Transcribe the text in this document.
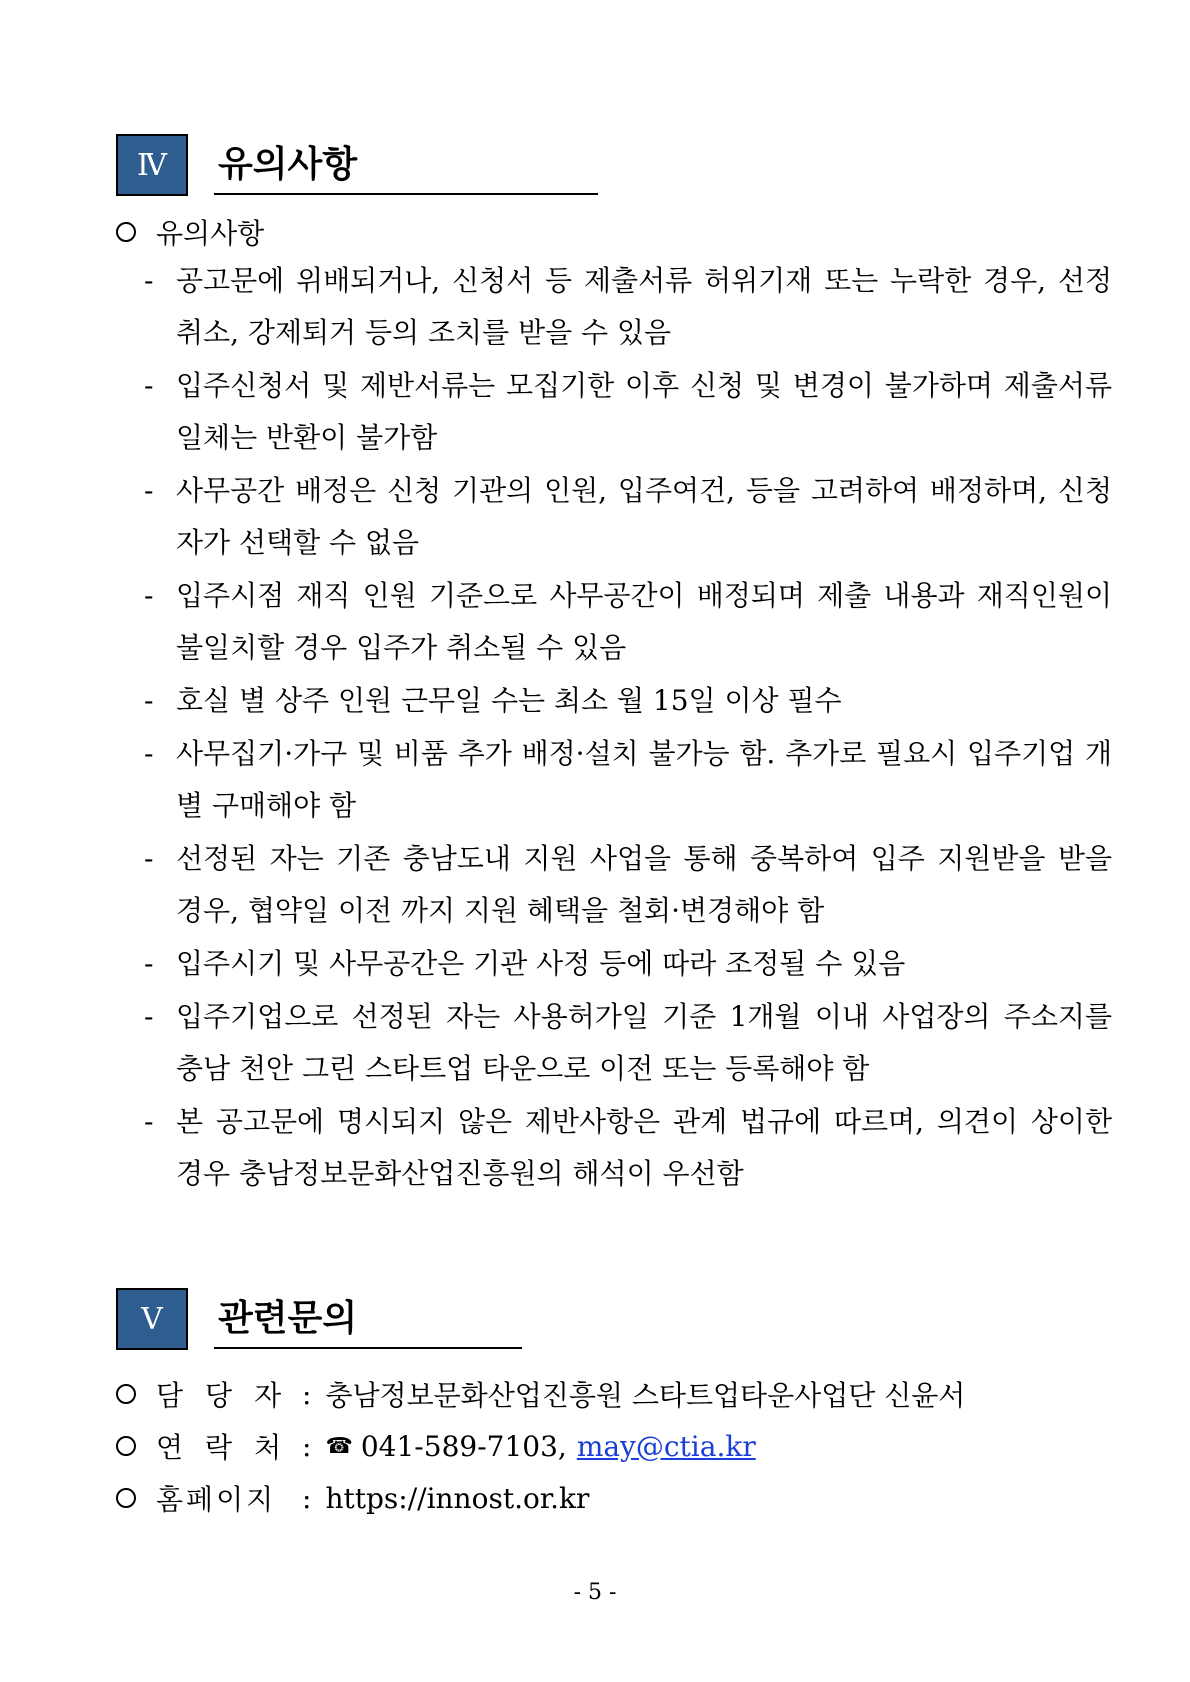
Ⅳ	유의사항
유의사항
- 공고문에 위배되거나, 신청서 등 제출서류 허위기재 또는 누락한 경우, 선정 취소, 강제퇴거 등의 조치를 받을 수 있음
- 입주신청서 및 제반서류는 모집기한 이후 신청 및 변경이 불가하며 제출서류 일체는 반환이 불가함
- 사무공간 배정은 신청 기관의 인원, 입주여건, 등을 고려하여 배정하며, 신청자가 선택할 수 없음
- 입주시점 재직 인원 기준으로 사무공간이 배정되며 제출 내용과 재직인원이 불일치할 경우 입주가 취소될 수 있음
- 호실 별 상주 인원 근무일 수는 최소 월 15일 이상 필수
- 사무집기·가구 및 비품 추가 배정·설치 불가능 함. 추가로 필요시 입주기업 개별 구매해야 함
- 선정된 자는 기존 충남도내 지원 사업을 통해 중복하여 입주 지원받을 받을 경우, 협약일 이전 까지 지원 혜택을 철회·변경해야 함
- 입주시기 및 사무공간은 기관 사정 등에 따라 조정될 수 있음
- 입주기업으로 선정된 자는 사용허가일 기준 1개월 이내 사업장의 주소지를 충남 천안 그린 스타트업 타운으로 이전 또는 등록해야 함
- 본 공고문에 명시되지 않은 제반사항은 관계 법규에 따르며, 의견이 상이한 경우 충남정보문화산업진흥원의 해석이 우선함
Ⅴ	관련문의
담당자
: 충남정보문화산업진흥원 스타트업타운사업단 신윤서
연락처
: ☎ 041-589-7103, may@ctia.kr
홈페이지 : https://innost.or.kr
- 5 -
